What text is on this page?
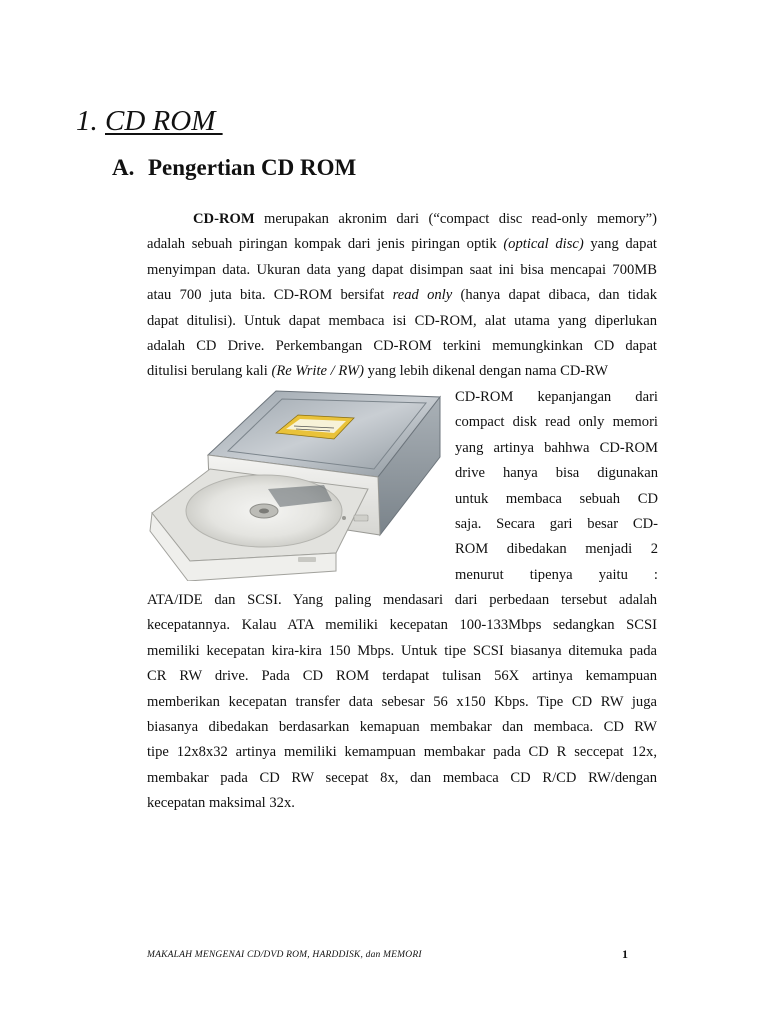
1. CD ROM
A. Pengertian CD ROM
CD-ROM merupakan akronim dari (“compact disc read-only memory”)
adalah sebuah piringan kompak dari jenis piringan optik (optical disc) yang dapat
menyimpan data. Ukuran data yang dapat disimpan saat ini bisa mencapai 700MB
atau 700 juta bita. CD-ROM bersifat read only (hanya dapat dibaca, dan tidak
dapat ditulisi). Untuk dapat membaca isi CD-ROM, alat utama yang diperlukan
adalah CD Drive. Perkembangan CD-ROM terkini memungkinkan CD dapat
ditulisi berulang kali (Re Write / RW) yang lebih dikenal dengan nama CD-RW
CD-ROM kepanjangan dari
compact disk read only memori
yang artinya bahhwa CD-ROM
drive hanya bisa digunakan
untuk membaca sebuah CD
saja. Secara gari besar CD-
ROM dibedakan menjadi 2
menurut tipenya yaitu :
ATA/IDE dan SCSI. Yang paling mendasari dari perbedaan tersebut adalah
kecepatannya. Kalau ATA memiliki kecepatan 100-133Mbps sedangkan SCSI
memiliki kecepatan kira-kira 150 Mbps. Untuk tipe SCSI biasanya ditemuka pada
CR RW drive. Pada CD ROM terdapat tulisan 56X artinya kemampuan
memberikan kecepatan transfer data sebesar 56 x150 Kbps. Tipe CD RW juga
biasanya dibedakan berdasarkan kemapuan membakar dan membaca. CD RW
tipe 12x8x32 artinya memiliki kemampuan membakar pada CD R seccepat 12x,
membakar pada CD RW secepat 8x, dan membaca CD R/CD RW/dengan
kecepatan maksimal 32x.
MAKALAH MENGENAI CD/DVD ROM, HARDDISK, dan MEMORI	1
